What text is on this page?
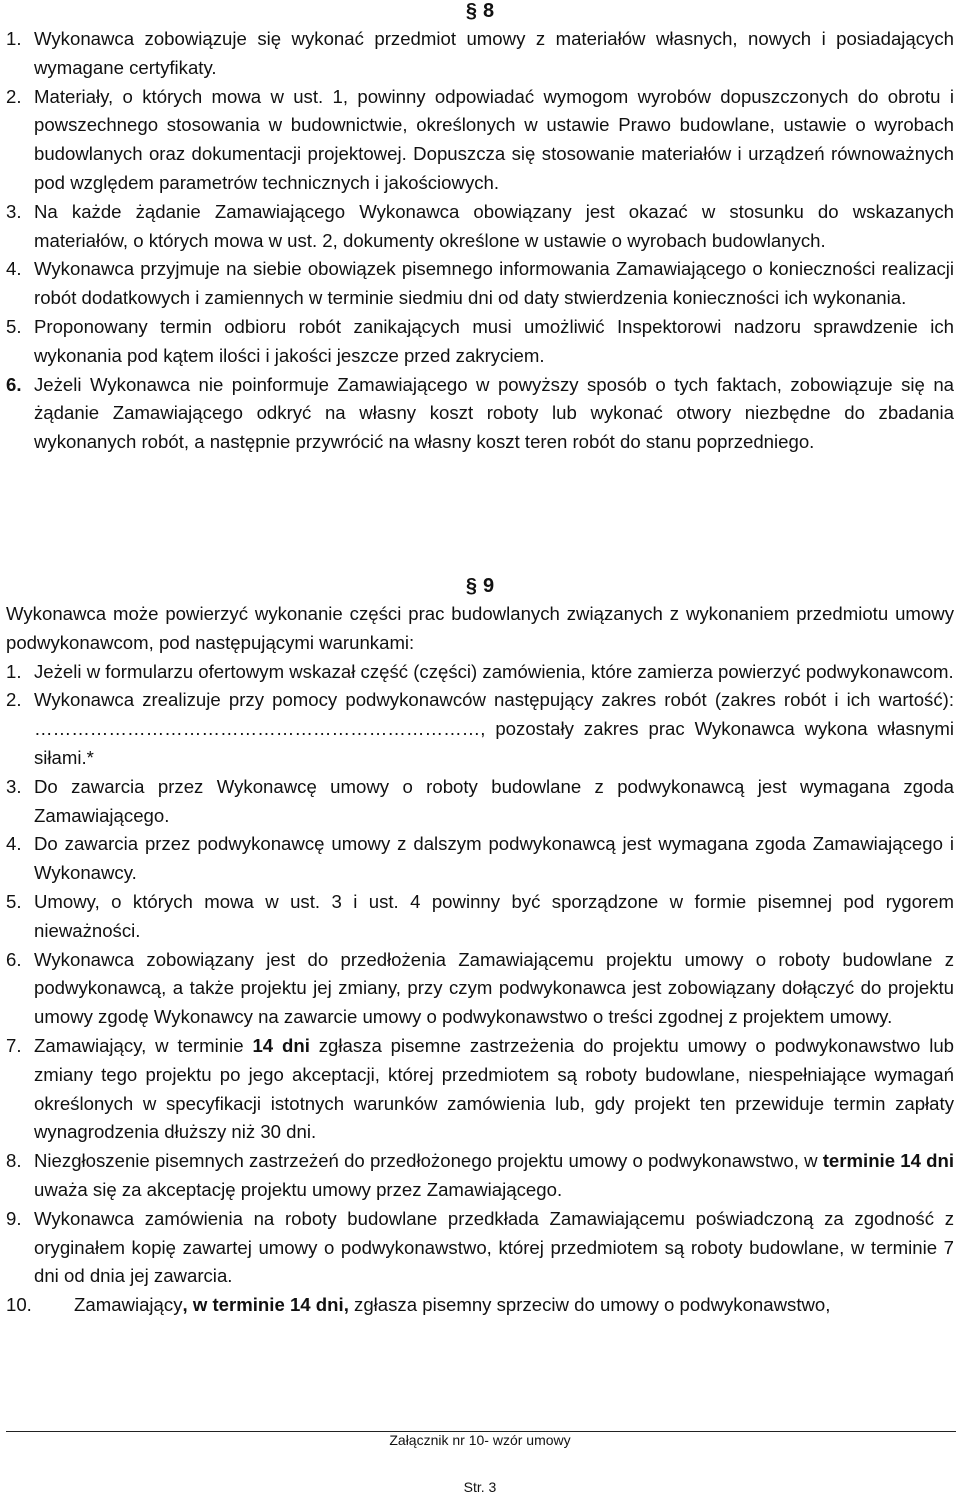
§ 8
1. Wykonawca zobowiązuje się wykonać przedmiot umowy z materiałów własnych, nowych i posiadających wymagane certyfikaty.
2. Materiały, o których mowa w ust. 1, powinny odpowiadać wymogom wyrobów dopuszczonych do obrotu i powszechnego stosowania w budownictwie, określonych w ustawie Prawo budowlane, ustawie o wyrobach budowlanych oraz dokumentacji projektowej. Dopuszcza się stosowanie materiałów i urządzeń równoważnych pod względem parametrów technicznych i jakościowych.
3. Na każde żądanie Zamawiającego Wykonawca obowiązany jest okazać w stosunku do wskazanych materiałów, o których mowa w ust. 2, dokumenty określone w ustawie o wyrobach budowlanych.
4. Wykonawca przyjmuje na siebie obowiązek pisemnego informowania Zamawiającego o konieczności realizacji robót dodatkowych i zamiennych w terminie siedmiu dni od daty stwierdzenia konieczności ich wykonania.
5. Proponowany termin odbioru robót zanikających musi umożliwić Inspektorowi nadzoru sprawdzenie ich wykonania pod kątem ilości i jakości jeszcze przed zakryciem.
6. Jeżeli Wykonawca nie poinformuje Zamawiającego w powyższy sposób o tych faktach, zobowiązuje się na żądanie Zamawiającego odkryć na własny koszt roboty lub wykonać otwory niezbędne do zbadania wykonanych robót, a następnie przywrócić na własny koszt teren robót do stanu poprzedniego.
§ 9
Wykonawca może powierzyć wykonanie części prac budowlanych związanych z wykonaniem przedmiotu umowy podwykonawcom, pod następującymi warunkami:
1. Jeżeli w formularzu ofertowym wskazał część (części) zamówienia, które zamierza powierzyć podwykonawcom.
2. Wykonawca zrealizuje przy pomocy podwykonawców następujący zakres robót (zakres robót i ich wartość): ………………………………………………………………, pozostały zakres prac Wykonawca wykona własnymi siłami.*
3. Do zawarcia przez Wykonawcę umowy o roboty budowlane z podwykonawcą jest wymagana zgoda Zamawiającego.
4. Do zawarcia przez podwykonawcę umowy z dalszym podwykonawcą jest wymagana zgoda Zamawiającego i Wykonawcy.
5. Umowy, o których mowa w ust. 3 i ust. 4 powinny być sporządzone w formie pisemnej pod rygorem nieważności.
6. Wykonawca zobowiązany jest do przedłożenia Zamawiającemu projektu umowy o roboty budowlane z podwykonawcą, a także projektu jej zmiany, przy czym podwykonawca jest zobowiązany dołączyć do projektu umowy zgodę Wykonawcy na zawarcie umowy o podwykonawstwo o treści zgodnej z projektem umowy.
7. Zamawiający, w terminie 14 dni zgłasza pisemne zastrzeżenia do projektu umowy o podwykonawstwo lub zmiany tego projektu po jego akceptacji, której przedmiotem są roboty budowlane, niespełniające wymagań określonych w specyfikacji istotnych warunków zamówienia lub, gdy projekt ten przewiduje termin zapłaty wynagrodzenia dłuższy niż 30 dni.
8. Niezgłoszenie pisemnych zastrzeżeń do przedłożonego projektu umowy o podwykonawstwo, w terminie 14 dni uważa się za akceptację projektu umowy przez Zamawiającego.
9. Wykonawca zamówienia na roboty budowlane przedkłada Zamawiającemu poświadczoną za zgodność z oryginałem kopię zawartej umowy o podwykonawstwo, której przedmiotem są roboty budowlane, w terminie 7 dni od dnia jej zawarcia.
10.	Zamawiający, w terminie 14 dni, zgłasza pisemny sprzeciw do umowy o podwykonawstwo,
Załącznik nr 10- wzór umowy
Str. 3
